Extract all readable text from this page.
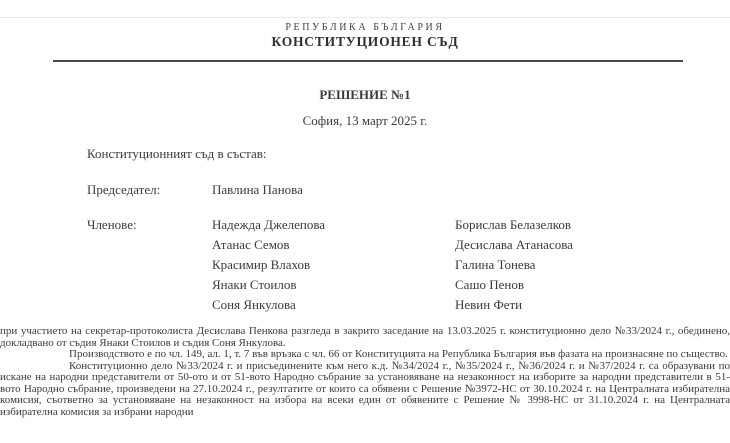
РЕПУБЛИКА БЪЛГАРИЯ
КОНСТИТУЦИОНЕН СЪД
РЕШЕНИЕ №1
София, 13 март 2025 г.
Конституционният съд в състав:
Председател:	Павлина Панова
Членове:	Надежда Джелепова
Атанас Семов
Красимир Влахов
Янаки Стоилов
Соня Янкулова
Борислав Белазелков
Десислава Атанасова
Галина Тонева
Сашо Пенов
Невин Фети

при участието на секретар-протоколиста Десислава Пенкова разгледа в закрито заседание на 13.03.2025 г. конституционно дело №33/2024 г., обединено, докладвано от съдия Янаки Стоилов и съдия Соня Янкулова.

Производството е по чл. 149, ал. 1, т. 7 във връзка с чл. 66 от Конституцията на Република България във фазата на произнасяне по същество.

Конституционно дело №33/2024 г. и присъединените към него к.д. №34/2024 г., №35/2024 г., №36/2024 г. и №37/2024 г. са образувани по искане на народни представители от 50-ото и от 51-вото Народно събрание за установяване на незаконност на изборите за народни представители в 51-вото Народно събрание, произведени на 27.10.2024 г., резултатите от които са обявени с Решение №3972-НС от 30.10.2024 г. на Централната избирателна комисия, съответно за установяване на незаконност на избора на всеки един от обявените с Решение № 3998-НС от 31.10.2024 г. на Централната избирателна комисия за избрани народни
